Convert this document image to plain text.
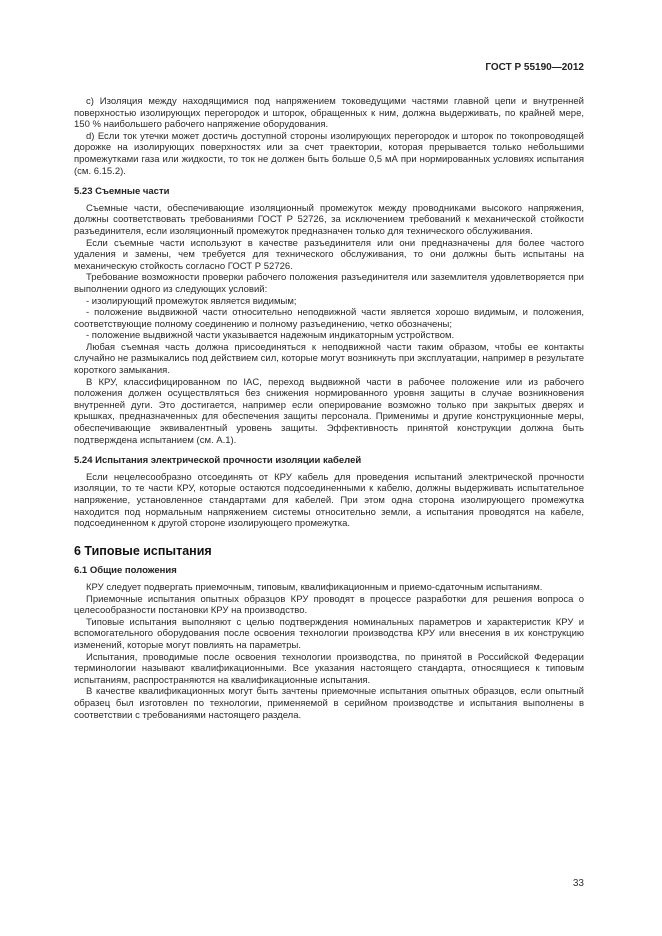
ГОСТ Р 55190—2012

c) Изоляция между находящимися под напряжением токоведущими частями главной цепи и внутренней поверхностью изолирующих перегородок и шторок, обращенных к ним, должна выдерживать, по крайней мере, 150 % наибольшего рабочего напряжение оборудования.

d) Если ток утечки может достичь доступной стороны изолирующих перегородок и шторок по токопроводящей дорожке на изолирующих поверхностях или за счет траектории, которая прерывается только небольшими промежутками газа или жидкости, то ток не должен быть больше 0,5 мА при нормированных условиях испытания (см. 6.15.2).

5.23 Съемные части

Съемные части, обеспечивающие изоляционный промежуток между проводниками высокого напряжения, должны соответствовать требованиями ГОСТ Р 52726, за исключением требований к механической стойкости разъединителя, если изоляционный промежуток предназначен только для технического обслуживания.

Если съемные части используют в качестве разъединителя или они предназначены для более частого удаления и замены, чем требуется для технического обслуживания, то они должны быть испытаны на механическую стойкость согласно ГОСТ Р 52726.

Требование возможности проверки рабочего положения разъединителя или заземлителя удовлетворяется при выполнении одного из следующих условий:

- изолирующий промежуток является видимым;

- положение выдвижной части относительно неподвижной части является хорошо видимым, и положения, соответствующие полному соединению и полному разъединению, четко обозначены;

- положение выдвижной части указывается надежным индикаторным устройством.

Любая съемная часть должна присоединяться к неподвижной части таким образом, чтобы ее контакты случайно не размыкались под действием сил, которые могут возникнуть при эксплуатации, например в результате короткого замыкания.

В КРУ, классифицированном по IAC, переход выдвижной части в рабочее положение или из рабочего положения должен осуществляться без снижения нормированного уровня защиты в случае возникновения внутренней дуги. Это достигается, например если оперирование возможно только при закрытых дверях и крышках, предназначенных для обеспечения защиты персонала. Применимы и другие конструкционные меры, обеспечивающие эквивалентный уровень защиты. Эффективность принятой конструкции должна быть подтверждена испытанием (см. А.1).

5.24 Испытания электрической прочности изоляции кабелей

Если нецелесообразно отсоединять от КРУ кабель для проведения испытаний электрической прочности изоляции, то те части КРУ, которые остаются подсоединенными к кабелю, должны выдерживать испытательное напряжение, установленное стандартами для кабелей. При этом одна сторона изолирующего промежутка находится под нормальным напряжением системы относительно земли, а испытания проводятся на кабеле, подсоединенном к другой стороне изолирующего промежутка.

6 Типовые испытания
6.1 Общие положения

КРУ следует подвергать приемочным, типовым, квалификационным и приемо-сдаточным испытаниям.

Приемочные испытания опытных образцов КРУ проводят в процессе разработки для решения вопроса о целесообразности постановки КРУ на производство.

Типовые испытания выполняют с целью подтверждения номинальных параметров и характеристик КРУ и вспомогательного оборудования после освоения технологии производства КРУ или внесения в их конструкцию изменений, которые могут повлиять на параметры.

Испытания, проводимые после освоения технологии производства, по принятой в Российской Федерации терминологии называют квалификационными. Все указания настоящего стандарта, относящиеся к типовым испытаниям, распространяются на квалификационные испытания.

В качестве квалификационных могут быть зачтены приемочные испытания опытных образцов, если опытный образец был изготовлен по технологии, применяемой в серийном производстве и испытания выполнены в соответствии с требованиями настоящего раздела.

33
